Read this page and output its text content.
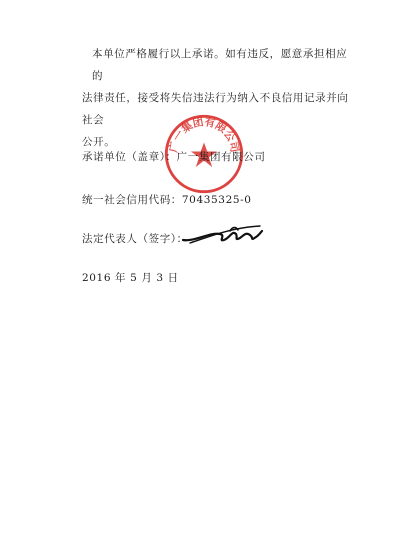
本单位严格履行以上承诺。如有违反，愿意承担相应的
法律责任，接受将失信违法行为纳入不良信用记录并向社会
公开。	广一集团有限公司
承诺单位（盖章）：广一集团有限公司
统一社会信用代码：70435325-0
法定代表人（签字）：
2016 年 5 月 3 日
